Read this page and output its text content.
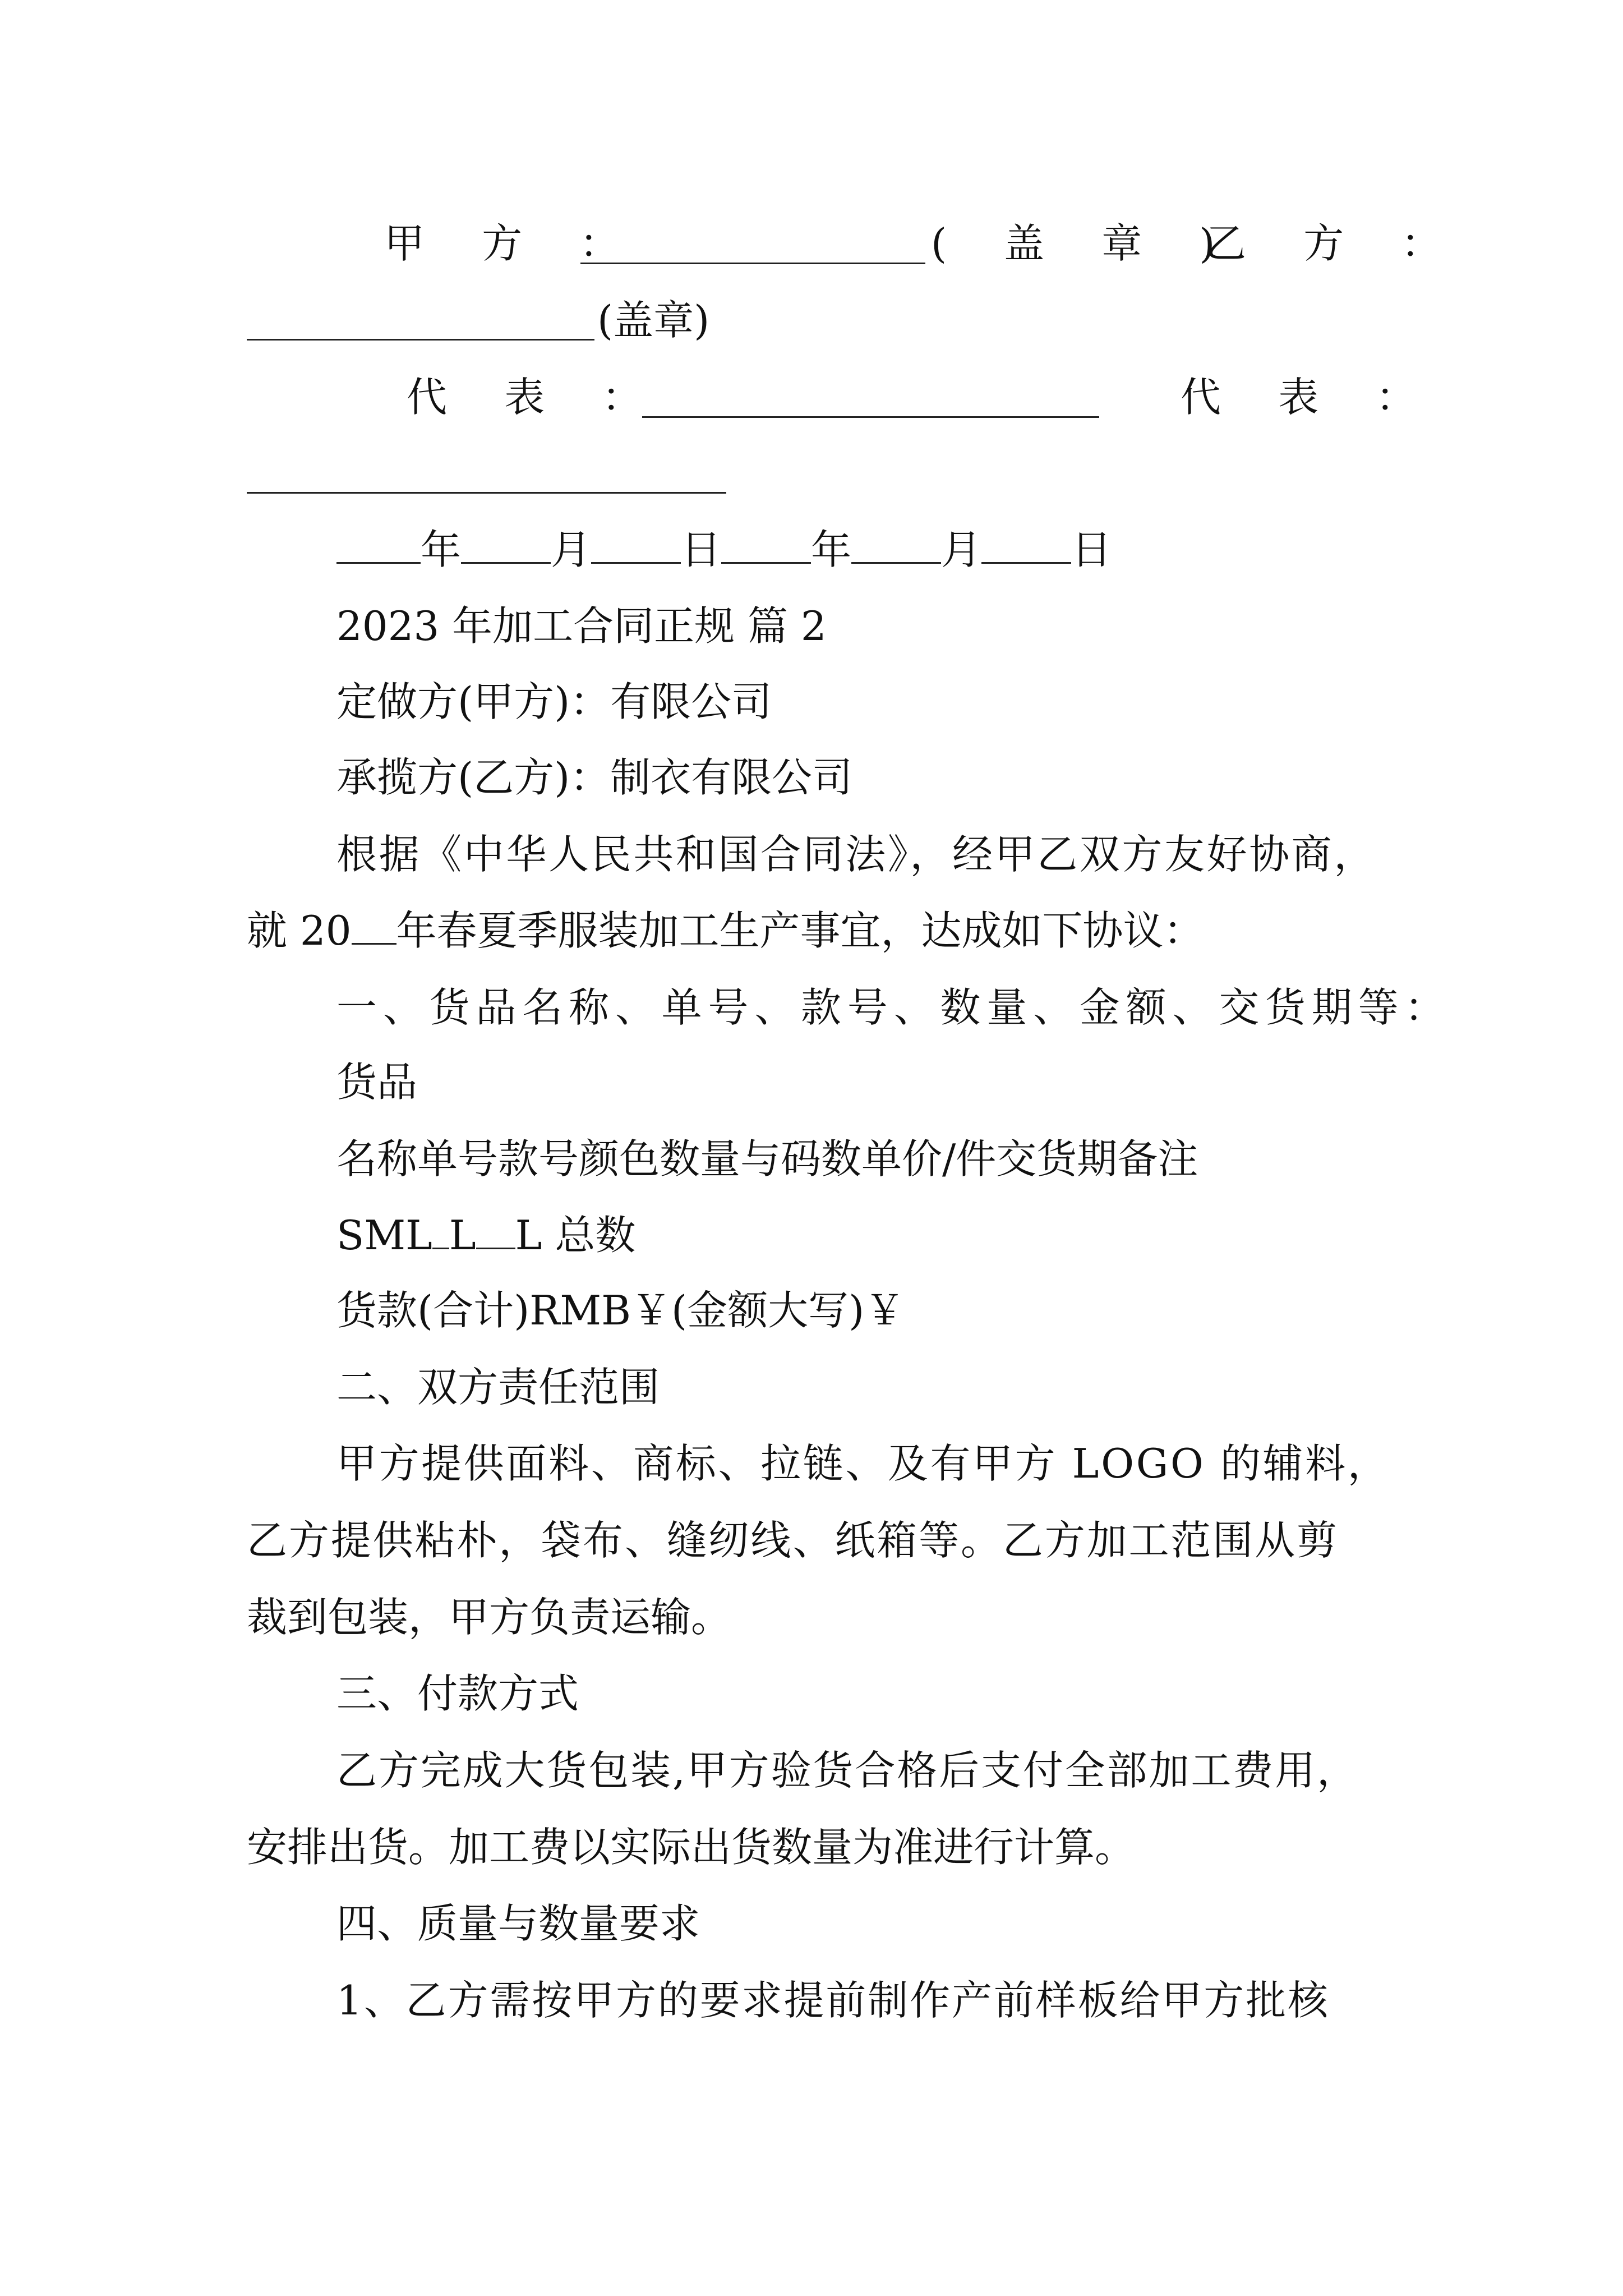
甲 方 ：	( 盖 章 )
乙 方 ：
(盖章)
代 表 ：	代 表 ：
年 月 日 年 月 日
2023 年加工合同正规 篇 2
定做方(甲方)：有限公司
承揽方(乙方)：制衣有限公司
根据《中华人民共和国合同法》，经甲乙双方友好协商，
就 20 年春夏季服装加工生产事宜，达成如下协议：
一、货品名称、单号、款号、数量、金额、交货期等：
货品
名称单号款号颜色数量与码数单价/件交货期备注
SML L L 总数
货款(合计)RMB￥(金额大写)￥
二、双方责任范围
甲方提供面料、商标、拉链、及有甲方 LOGO 的辅料，
乙方提供粘朴，袋布、缝纫线、纸箱等。乙方加工范围从剪
裁到包装，甲方负责运输。
三、付款方式
乙方完成大货包装,甲方验货合格后支付全部加工费用，
安排出货。加工费以实际出货数量为准进行计算。
四、质量与数量要求
1、乙方需按甲方的要求提前制作产前样板给甲方批核
